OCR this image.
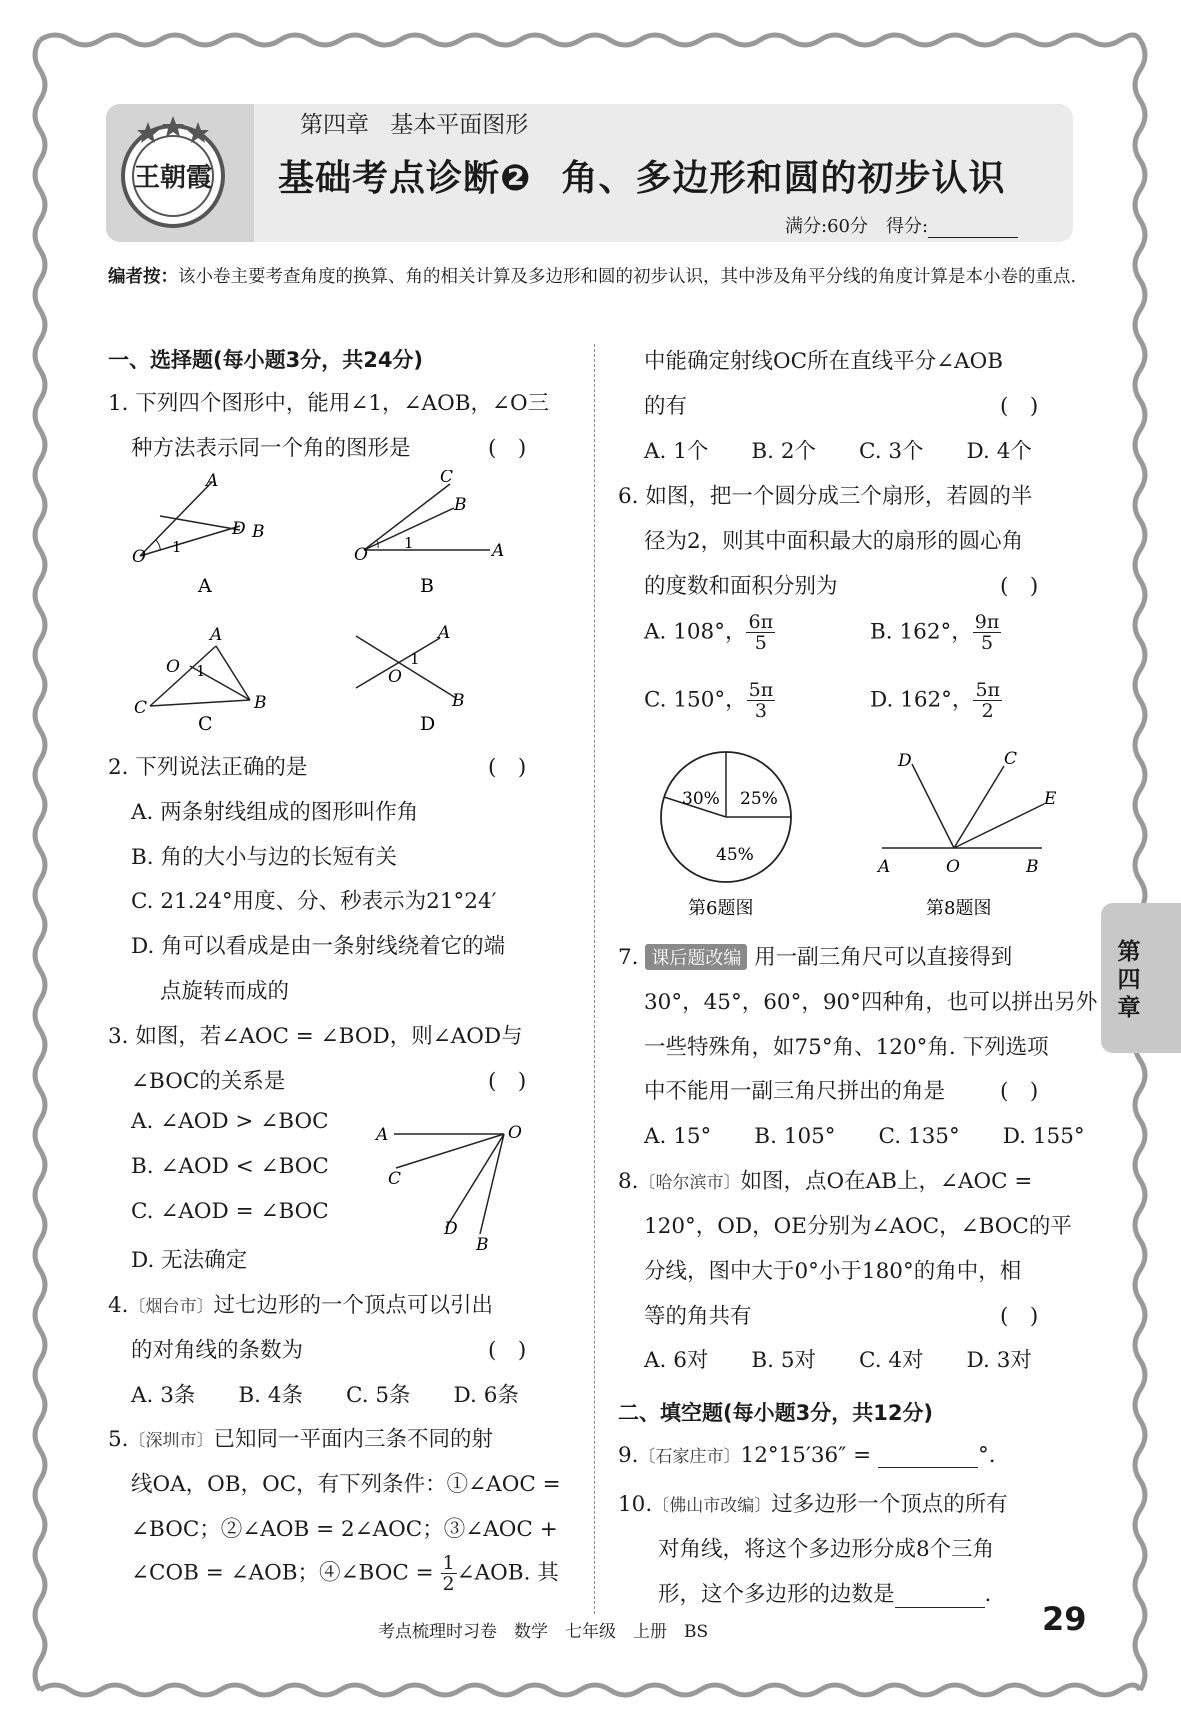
王朝霞
第四章 基本平面图形
基础考点诊断❷ 角、多边形和圆的初步认识
满分:60分　得分:
编者按：该小卷主要考查角度的换算、角的相关计算及多边形和圆的初步认识，其中涉及角平分线的角度计算是本小卷的重点.
一、选择题(每小题3分，共24分)
1. 下列四个图形中，能用∠1，∠AOB，∠O三
种方法表示同一个角的图形是	(　)
O
A
D B
1
A
O
C
B
A
1
B
A
O 1
C	B
C
A
B
O
1
D
2. 下列说法正确的是	(　)
A. 两条射线组成的图形叫作角
B. 角的大小与边的长短有关
C. 21.24°用度、分、秒表示为21°24′
D. 角可以看成是由一条射线绕着它的端
点旋转而成的
3. 如图，若∠AOC = ∠BOD，则∠AOD与
∠BOC的关系是	(　)
A. ∠AOD > ∠BOC
B. ∠AOD < ∠BOC
C. ∠AOD = ∠BOC
D. 无法确定
A	O
C
D
B
4.〔烟台市〕过七边形的一个顶点可以引出
的对角线的条数为	(　)
A. 3条　　B. 4条　　C. 5条　　D. 6条
5.〔深圳市〕已知同一平面内三条不同的射
线OA，OB，OC，有下列条件：①∠AOC =
∠BOC；②∠AOB = 2∠AOC；③∠AOC +
∠COB = ∠AOB；④∠BOC = $\frac{1}{2}$ ∠AOB. 其
中能确定射线OC所在直线平分∠AOB
的有	(　)
A. 1个　　B. 2个　　C. 3个　　D. 4个
6. 如图，把一个圆分成三个扇形，若圆的半
径为2，则其中面积最大的扇形的圆心角
的度数和面积分别为	(　)
A. 108°， $\frac{6\pi}{5}$	B. 162°， $\frac{9\pi}{5}$
C. 150°， $\frac{5\pi}{3}$	D. 162°， $\frac{5\pi}{2}$
30% 25%
45%
第6题图
D	C
E
A	O	B
第8题图
7. 课后题改编 用一副三角尺可以直接得到
30°，45°，60°，90°四种角，也可以拼出另外
一些特殊角，如75°角、120°角. 下列选项
中不能用一副三角尺拼出的角是	(　)
A. 15°　　B. 105°　　C. 135°　　D. 155°
8.〔哈尔滨市〕如图，点O在AB上，∠AOC =
120°，OD，OE分别为∠AOC，∠BOC的平
分线，图中大于0°小于180°的角中，相
等的角共有	(　)
A. 6对　　B. 5对　　C. 4对　　D. 3对
二、填空题(每小题3分，共12分)
9.〔石家庄市〕12°15′36″ =	°.
10.〔佛山市改编〕过多边形一个顶点的所有
对角线，将这个多边形分成8个三角
形，这个多边形的边数是	.
第四章
考点梳理时习卷　数学　七年级　上册　BS	29
